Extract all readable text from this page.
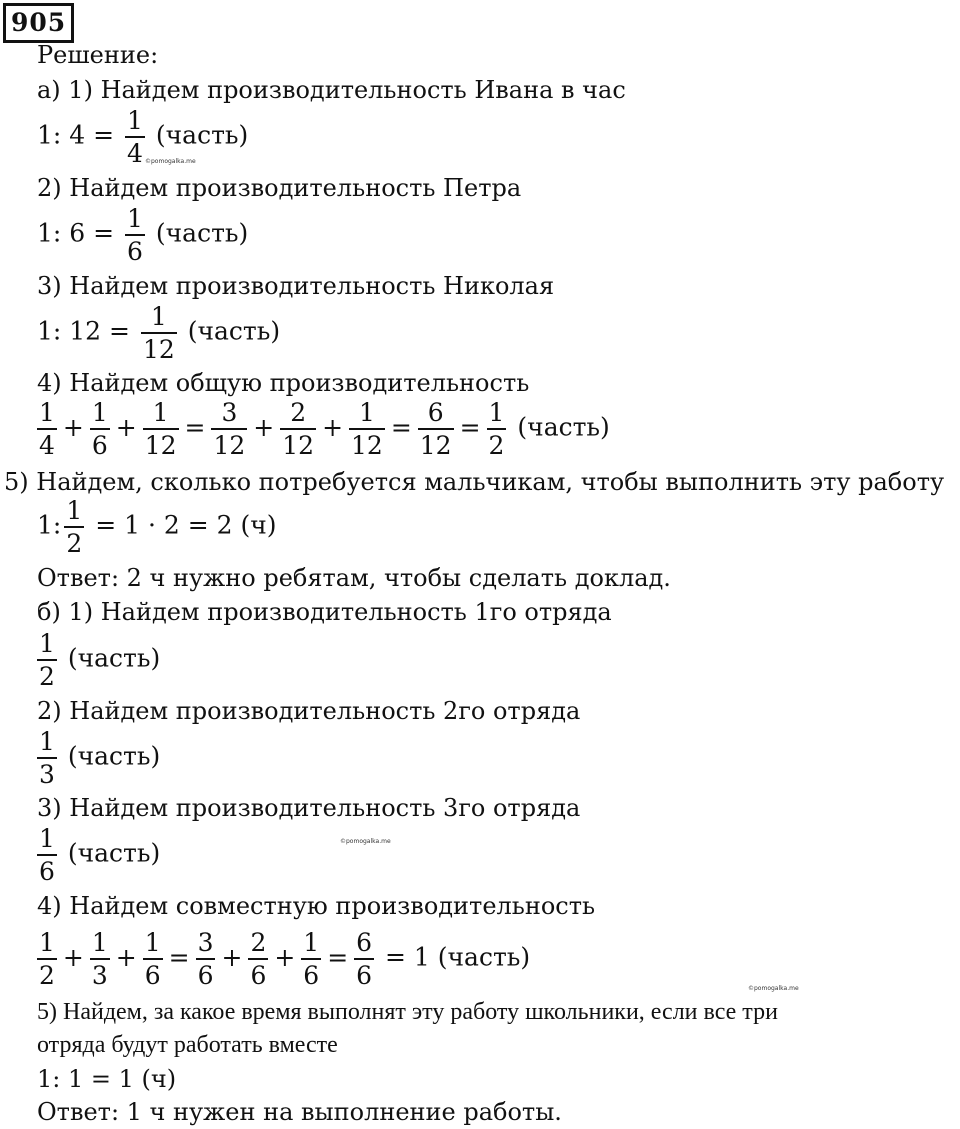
905
Решение:
а) 1) Найдем производительность Ивана в час
1: $4 = \frac{1}{4}$ (часть)
©pomogalka.me
2) Найдем производительность Петра
1: $6 = \frac{1}{6}$ (часть)
3) Найдем производительность Николая
1: $12 = \frac{1}{12}$ (часть)
4) Найдем общую производительность
$\frac{1}{4} + \frac{1}{6} + \frac{1}{12} = \frac{3}{12} + \frac{2}{12} + \frac{1}{12} = \frac{6}{12} = \frac{1}{2}$ (часть)
5) Найдем, сколько потребуется мальчикам, чтобы выполнить эту работу
1: $\frac{1}{2} = 1 \cdot 2 = 2$ (ч)
Ответ: 2 ч нужно ребятам, чтобы сделать доклад.
б) 1) Найдем производительность 1го отряда
$\frac{1}{2}$ (часть)
2) Найдем производительность 2го отряда
$\frac{1}{3}$ (часть)
3) Найдем производительность 3го отряда
©pomogalka.me
$\frac{1}{6}$ (часть)
4) Найдем совместную производительность
$\frac{1}{2} + \frac{1}{3} + \frac{1}{6} = \frac{3}{6} + \frac{2}{6} + \frac{1}{6} = \frac{6}{6} = 1$ (часть)
©pomogalka.me
5) Найдем, за какое время выполнят эту работу школьники, если все три
отряда будут работать вместе
1: 1 = 1 (ч)
Ответ: 1 ч нужен на выполнение работы.
